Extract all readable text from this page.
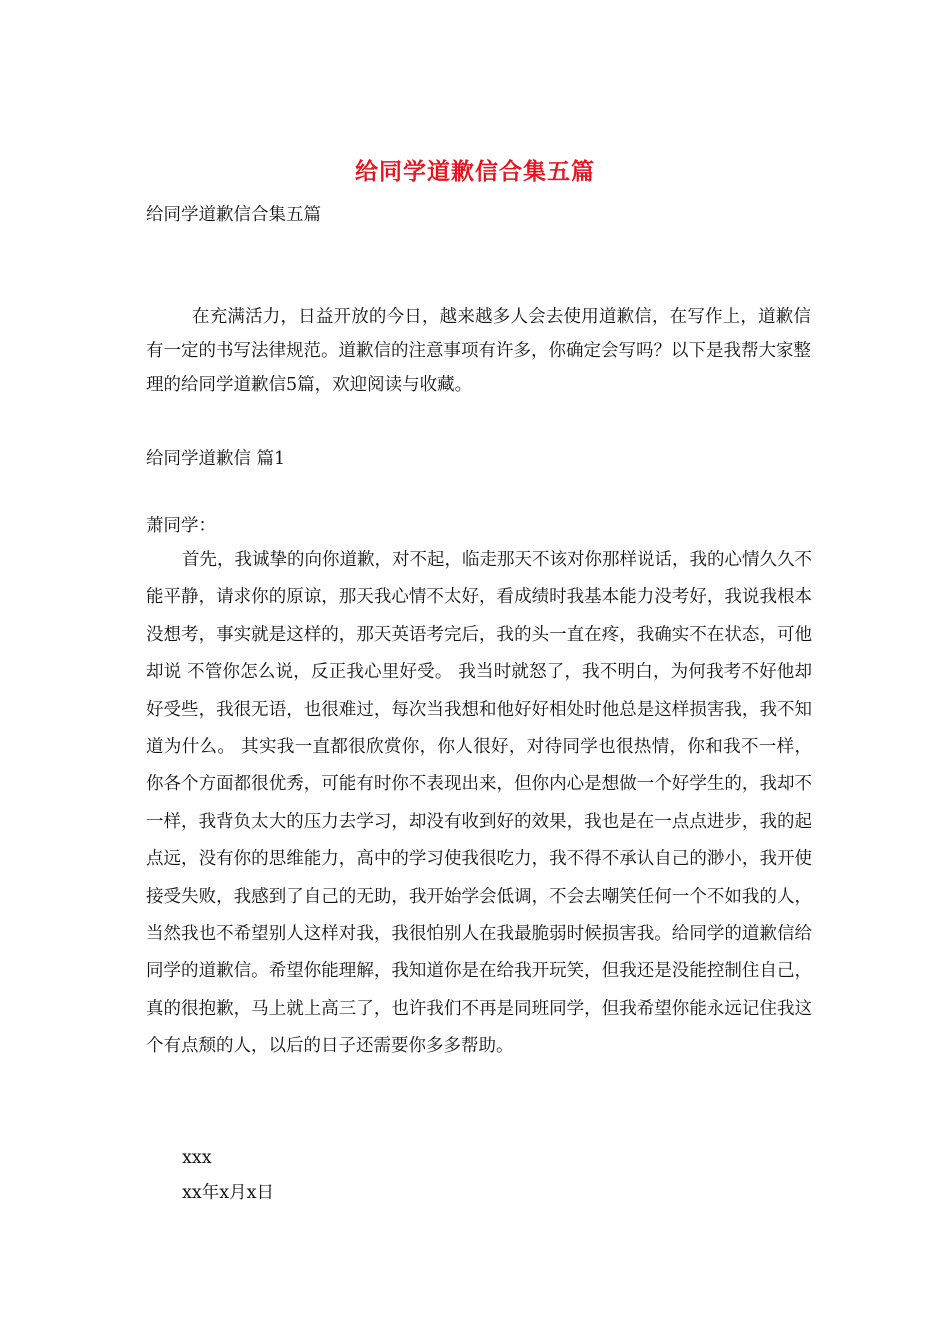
给同学道歉信合集五篇
给同学道歉信合集五篇
在充满活力，日益开放的今日，越来越多人会去使用道歉信，在写作上，道歉信有一定的书写法律规范。道歉信的注意事项有许多，你确定会写吗？以下是我帮大家整理的给同学道歉信5篇，欢迎阅读与收藏。
给同学道歉信 篇1
萧同学：
首先，我诚挚的向你道歉，对不起，临走那天不该对你那样说话，我的心情久久不能平静，请求你的原谅，那天我心情不太好，看成绩时我基本能力没考好，我说我根本没想考，事实就是这样的，那天英语考完后，我的头一直在疼，我确实不在状态，可他却说 不管你怎么说，反正我心里好受。 我当时就怒了，我不明白，为何我考不好他却好受些，我很无语，也很难过，每次当我想和他好好相处时他总是这样损害我，我不知道为什么。 其实我一直都很欣赏你，你人很好，对待同学也很热情，你和我不一样，你各个方面都很优秀，可能有时你不表现出来，但你内心是想做一个好学生的，我却不一样，我背负太大的压力去学习，却没有收到好的效果，我也是在一点点进步，我的起点远，没有你的思维能力，高中的学习使我很吃力，我不得不承认自己的渺小，我开使接受失败，我感到了自己的无助，我开始学会低调，不会去嘲笑任何一个不如我的人，当然我也不希望别人这样对我，我很怕别人在我最脆弱时候损害我。给同学的道歉信给同学的道歉信。希望你能理解，我知道你是在给我开玩笑，但我还是没能控制住自己，真的很抱歉，马上就上高三了，也许我们不再是同班同学，但我希望你能永远记住我这个有点颓的人，以后的日子还需要你多多帮助。
xxx
xx年x月x日
